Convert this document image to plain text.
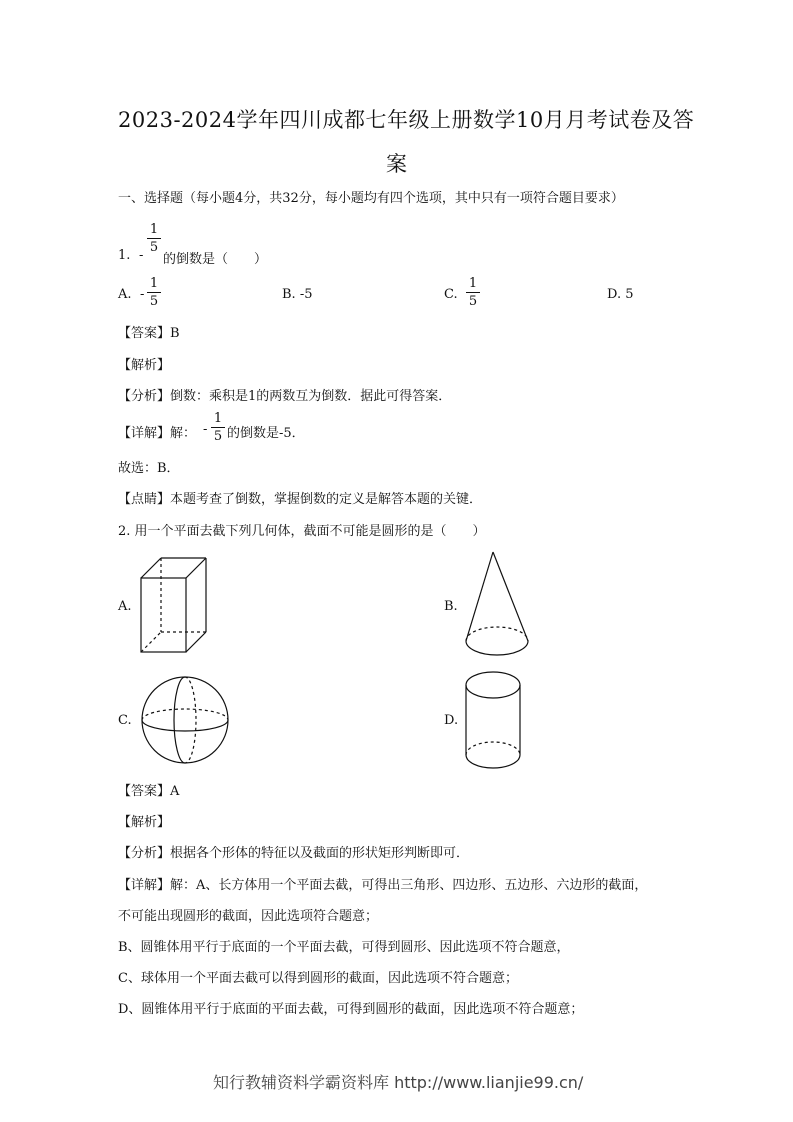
2023-2024学年四川成都七年级上册数学10月月考试卷及答
案
一、选择题（每小题4分，共32分，每小题均有四个选项，其中只有一项符合题目要求）
1. -
1
5
的倒数是（　　）
A. -
1
5	B. -5	C.
1
5	D. 5
【答案】B
【解析】
【分析】倒数：乘积是1的两数互为倒数．据此可得答案．
【详解】解： -
1
5 的倒数是-5．
故选：B．
【点睛】本题考查了倒数，掌握倒数的定义是解答本题的关键．
2. 用一个平面去截下列几何体，截面不可能是圆形的是（　　）
A.	B.
C.	D.
【答案】A
【解析】
【分析】根据各个形体的特征以及截面的形状矩形判断即可．
【详解】解：A、长方体用一个平面去截，可得出三角形、四边形、五边形、六边形的截面，
不可能出现圆形的截面，因此选项符合题意；
B、圆锥体用平行于底面的一个平面去截，可得到圆形、因此选项不符合题意，
C、球体用一个平面去截可以得到圆形的截面，因此选项不符合题意；
D、圆锥体用平行于底面的平面去截，可得到圆形的截面，因此选项不符合题意；
知行教辅资料学霸资料库 http://www.lianjie99.cn/
